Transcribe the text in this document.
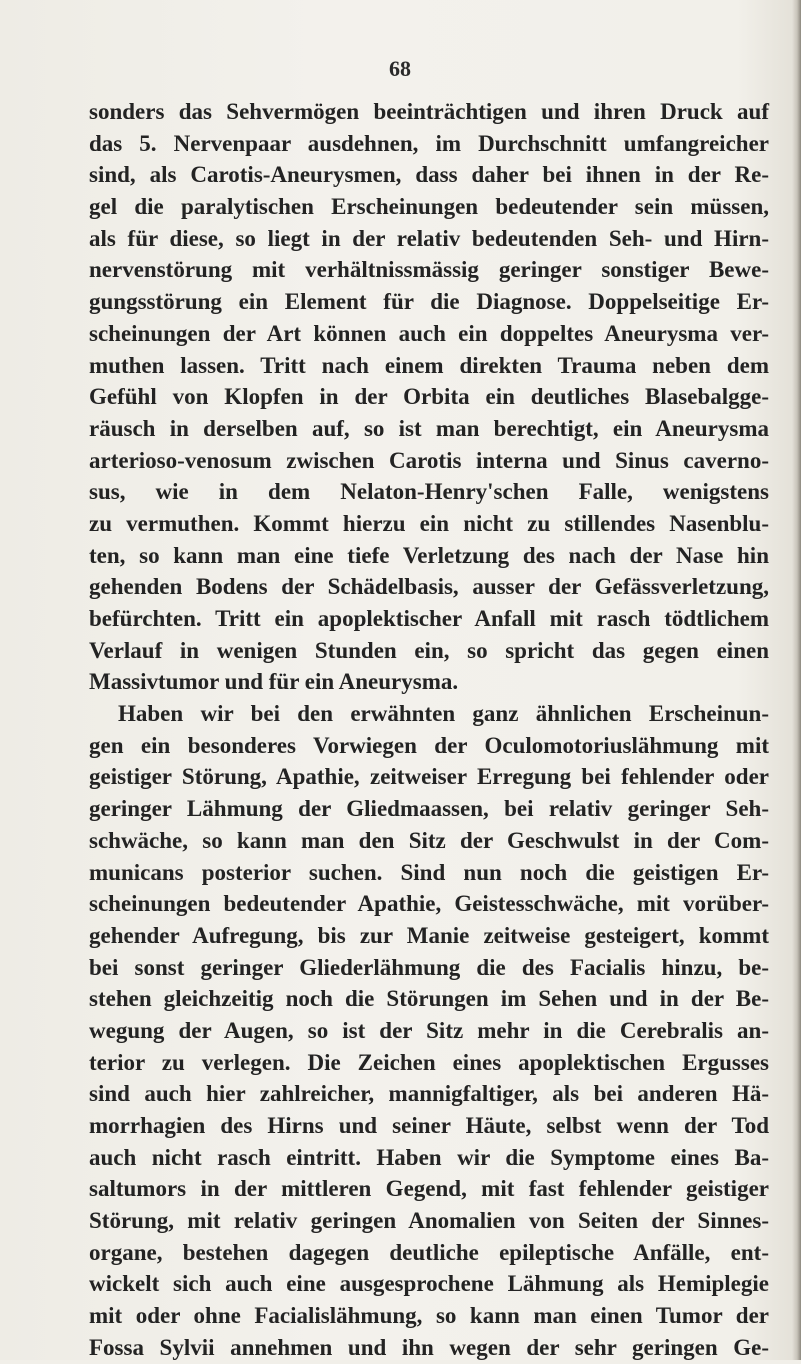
68
sonders das Sehvermögen beeinträchtigen und ihren Druck auf
das 5. Nervenpaar ausdehnen, im Durchschnitt umfangreicher
sind, als Carotis-Aneurysmen, dass daher bei ihnen in der Re-
gel die paralytischen Erscheinungen bedeutender sein müssen,
als für diese, so liegt in der relativ bedeutenden Seh- und Hirn-
nervenstörung mit verhältnissmässig geringer sonstiger Bewe-
gungsstörung ein Element für die Diagnose. Doppelseitige Er-
scheinungen der Art können auch ein doppeltes Aneurysma ver-
muthen lassen. Tritt nach einem direkten Trauma neben dem
Gefühl von Klopfen in der Orbita ein deutliches Blasebalgge-
räusch in derselben auf, so ist man berechtigt, ein Aneurysma
arterioso-venosum zwischen Carotis interna und Sinus caverno-
sus, wie in dem Nelaton-Henry'schen Falle, wenigstens
zu vermuthen. Kommt hierzu ein nicht zu stillendes Nasenblu-
ten, so kann man eine tiefe Verletzung des nach der Nase hin
gehenden Bodens der Schädelbasis, ausser der Gefässverletzung,
befürchten. Tritt ein apoplektischer Anfall mit rasch tödtlichem
Verlauf in wenigen Stunden ein, so spricht das gegen einen
Massivtumor und für ein Aneurysma.
Haben wir bei den erwähnten ganz ähnlichen Erscheinun-
gen ein besonderes Vorwiegen der Oculomotoriuslähmung mit
geistiger Störung, Apathie, zeitweiser Erregung bei fehlender oder
geringer Lähmung der Gliedmaassen, bei relativ geringer Seh-
schwäche, so kann man den Sitz der Geschwulst in der Com-
municans posterior suchen. Sind nun noch die geistigen Er-
scheinungen bedeutender Apathie, Geistesschwäche, mit vorüber-
gehender Aufregung, bis zur Manie zeitweise gesteigert, kommt
bei sonst geringer Gliederlähmung die des Facialis hinzu, be-
stehen gleichzeitig noch die Störungen im Sehen und in der Be-
wegung der Augen, so ist der Sitz mehr in die Cerebralis an-
terior zu verlegen. Die Zeichen eines apoplektischen Ergusses
sind auch hier zahlreicher, mannigfaltiger, als bei anderen Hä-
morrhagien des Hirns und seiner Häute, selbst wenn der Tod
auch nicht rasch eintritt. Haben wir die Symptome eines Ba-
saltumors in der mittleren Gegend, mit fast fehlender geistiger
Störung, mit relativ geringen Anomalien von Seiten der Sinnes-
organe, bestehen dagegen deutliche epileptische Anfälle, ent-
wickelt sich auch eine ausgesprochene Lähmung als Hemiplegie
mit oder ohne Facialislähmung, so kann man einen Tumor der
Fossa Sylvii annehmen und ihn wegen der sehr geringen Ge-
